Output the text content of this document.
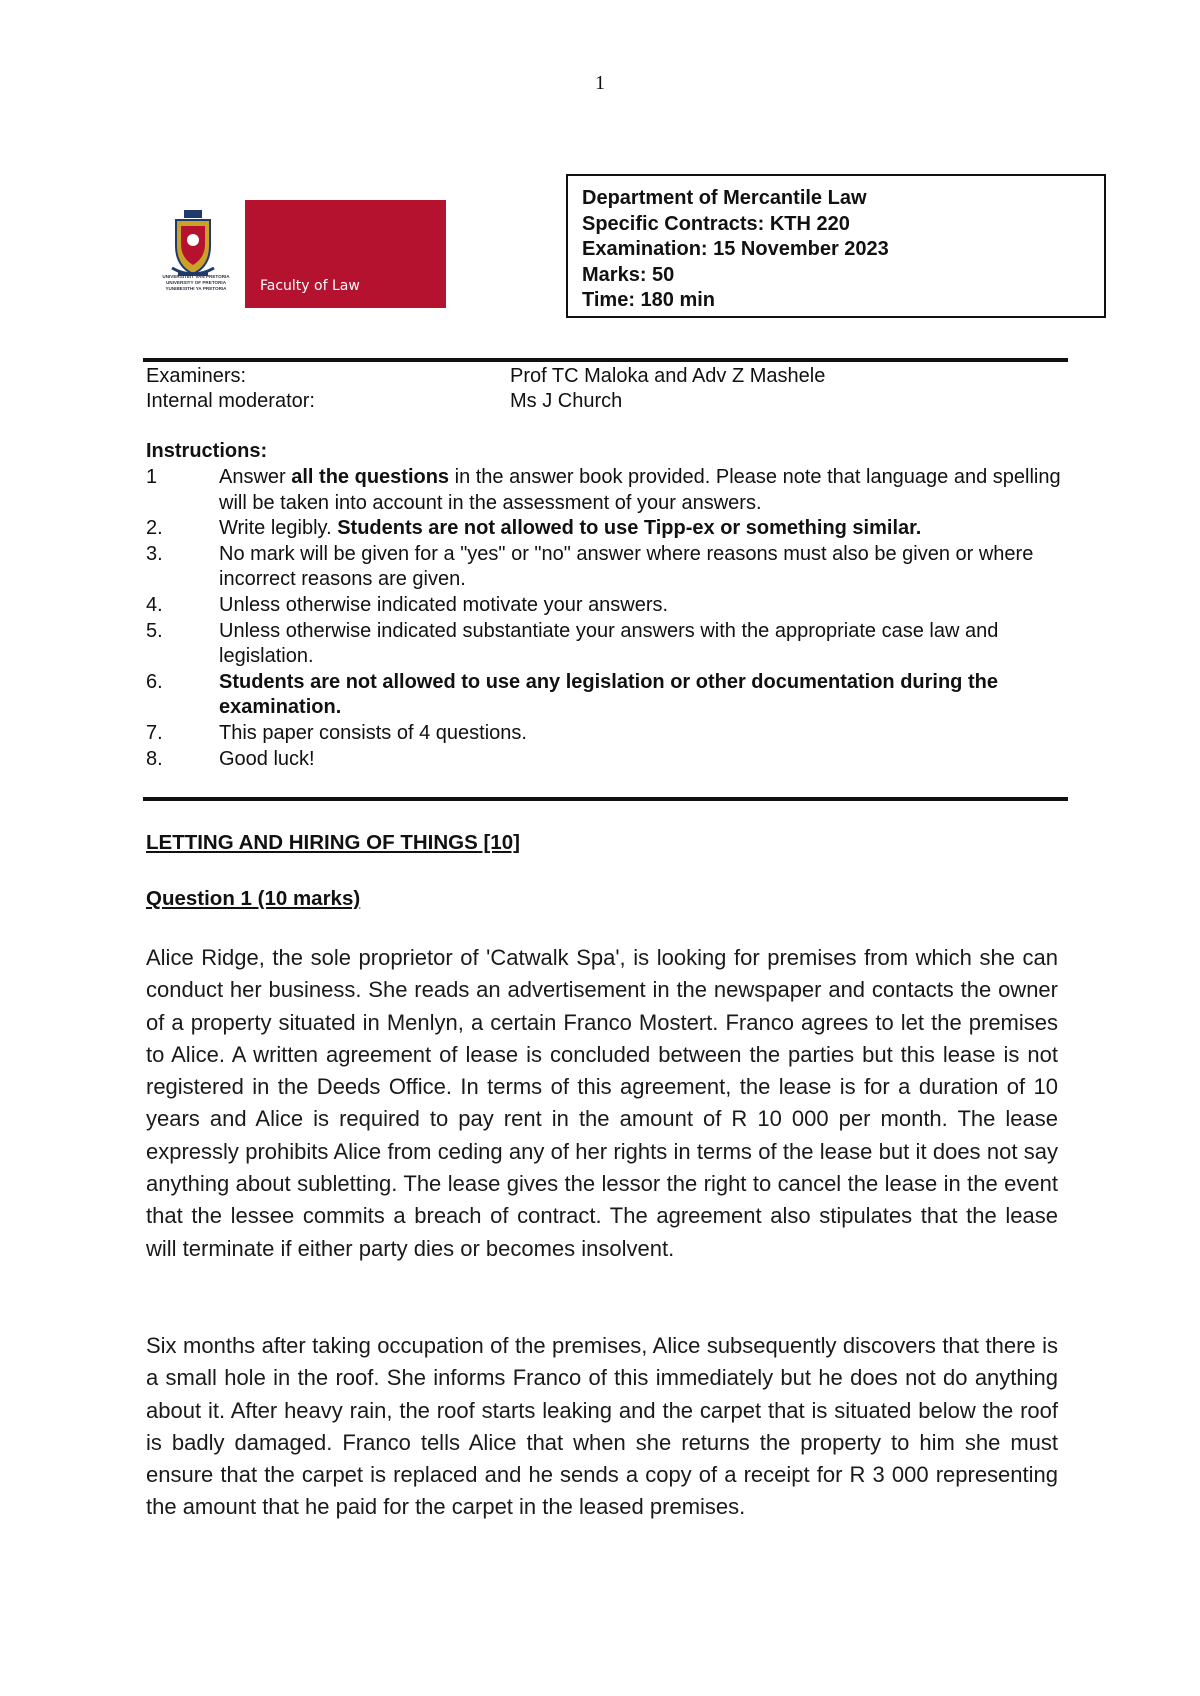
1
UNIVERSITEIT VAN PRETORIA
UNIVERSITY OF PRETORIA
YUNIBESITHI YA PRETORIA	Faculty of Law
Department of Mercantile Law
Specific Contracts: KTH 220
Examination: 15 November 2023
Marks: 50
Time: 180 min
Examiners:	Prof TC Maloka and Adv Z Mashele
Internal moderator:	Ms J Church
Instructions:
1	Answer all the questions in the answer book provided. Please note that language and spelling will be taken into account in the assessment of your answers.
2.	Write legibly. Students are not allowed to use Tipp-ex or something similar.
3.	No mark will be given for a "yes" or "no" answer where reasons must also be given or where incorrect reasons are given.
4.	Unless otherwise indicated motivate your answers.
5.	Unless otherwise indicated substantiate your answers with the appropriate case law and legislation.
6.	Students are not allowed to use any legislation or other documentation during the examination.
7.	This paper consists of 4 questions.
8.	Good luck!
LETTING AND HIRING OF THINGS [10]
Question 1 (10 marks)
Alice Ridge, the sole proprietor of 'Catwalk Spa', is looking for premises from which she can conduct her business. She reads an advertisement in the newspaper and contacts the owner of a property situated in Menlyn, a certain Franco Mostert. Franco agrees to let the premises to Alice. A written agreement of lease is concluded between the parties but this lease is not registered in the Deeds Office. In terms of this agreement, the lease is for a duration of 10 years and Alice is required to pay rent in the amount of R 10 000 per month. The lease expressly prohibits Alice from ceding any of her rights in terms of the lease but it does not say anything about subletting. The lease gives the lessor the right to cancel the lease in the event that the lessee commits a breach of contract. The agreement also stipulates that the lease will terminate if either party dies or becomes insolvent.
Six months after taking occupation of the premises, Alice subsequently discovers that there is a small hole in the roof. She informs Franco of this immediately but he does not do anything about it. After heavy rain, the roof starts leaking and the carpet that is situated below the roof is badly damaged. Franco tells Alice that when she returns the property to him she must ensure that the carpet is replaced and he sends a copy of a receipt for R 3 000 representing the amount that he paid for the carpet in the leased premises.
